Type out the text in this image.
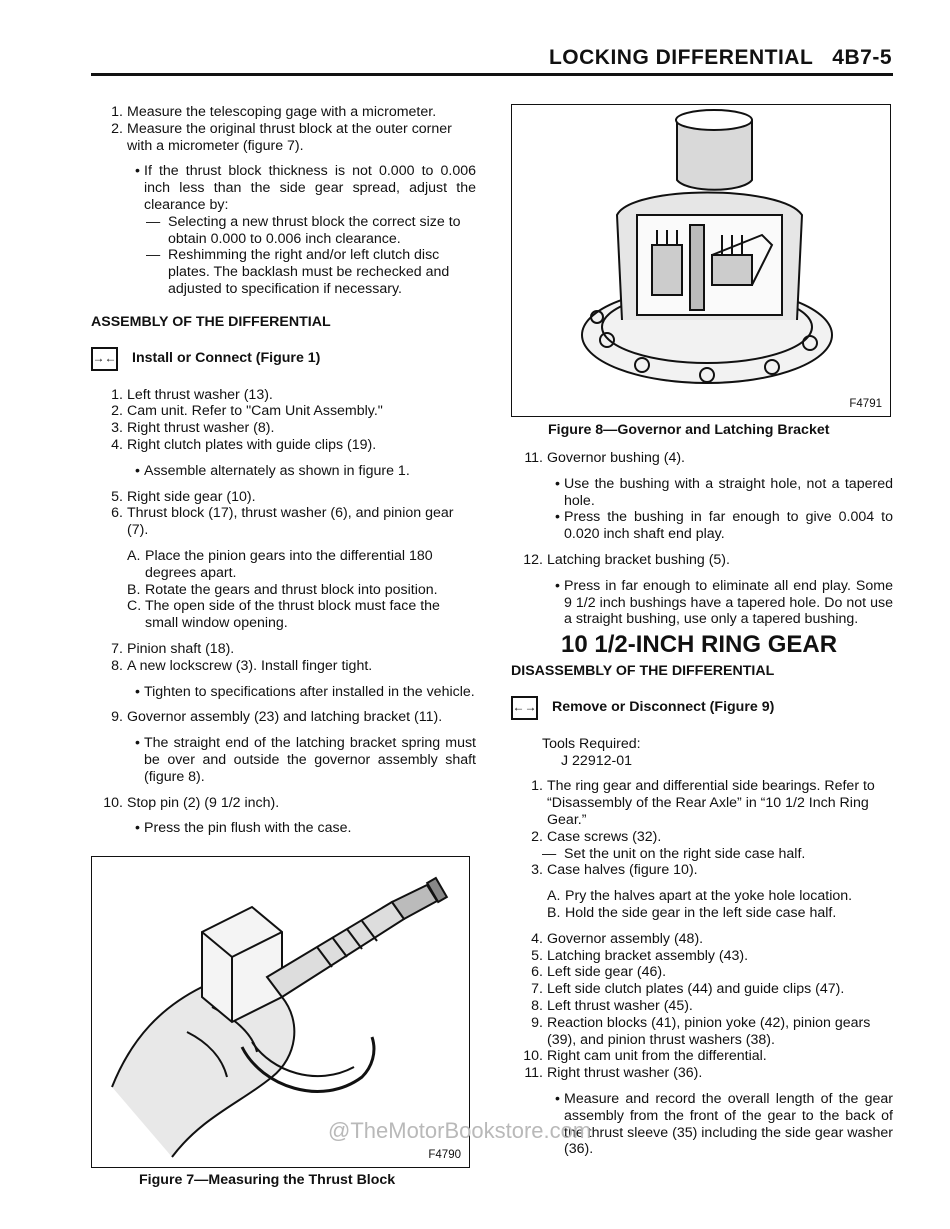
LOCKING DIFFERENTIAL 4B7-5
1. Measure the telescoping gage with a micrometer.
2. Measure the original thrust block at the outer corner with a micrometer (figure 7).
• If the thrust block thickness is not 0.000 to 0.006 inch less than the side gear spread, adjust the clearance by:
— Selecting a new thrust block the correct size to obtain 0.000 to 0.006 inch clearance.
— Reshimming the right and/or left clutch disc plates. The backlash must be rechecked and adjusted to specification if necessary.

ASSEMBLY OF THE DIFFERENTIAL

→← Install or Connect (Figure 1)
1. Left thrust washer (13).
2. Cam unit. Refer to "Cam Unit Assembly."
3. Right thrust washer (8).
4. Right clutch plates with guide clips (19).
• Assemble alternately as shown in figure 1.
5. Right side gear (10).
6. Thrust block (17), thrust washer (6), and pinion gear (7).
A. Place the pinion gears into the differential 180 degrees apart.
B. Rotate the gears and thrust block into position.
C. The open side of the thrust block must face the small window opening.
7. Pinion shaft (18).
8. A new lockscrew (3). Install finger tight.
• Tighten to specifications after installed in the vehicle.
9. Governor assembly (23) and latching bracket (11).
• The straight end of the latching bracket spring must be over and outside the governor assembly shaft (figure 8).
10. Stop pin (2) (9 1/2 inch).
• Press the pin flush with the case.
F4790
Figure 7—Measuring the Thrust Block
F4791
Figure 8—Governor and Latching Bracket
11. Governor bushing (4).
• Use the bushing with a straight hole, not a tapered hole.
• Press the bushing in far enough to give 0.004 to 0.020 inch shaft end play.
12. Latching bracket bushing (5).
• Press in far enough to eliminate all end play. Some 9 1/2 inch bushings have a tapered hole. Do not use a straight bushing, use only a tapered bushing.

10 1/2-INCH RING GEAR

DISASSEMBLY OF THE DIFFERENTIAL

←→ Remove or Disconnect (Figure 9)
Tools Required:
J 22912-01
1. The ring gear and differential side bearings. Refer to “Disassembly of the Rear Axle” in “10 1/2 Inch Ring Gear.”
2. Case screws (32).
— Set the unit on the right side case half.
3. Case halves (figure 10).
A. Pry the halves apart at the yoke hole location.
B. Hold the side gear in the left side case half.
4. Governor assembly (48).
5. Latching bracket assembly (43).
6. Left side gear (46).
7. Left side clutch plates (44) and guide clips (47).
8. Left thrust washer (45).
9. Reaction blocks (41), pinion yoke (42), pinion gears (39), and pinion thrust washers (38).
10. Right cam unit from the differential.
11. Right thrust washer (36).
• Measure and record the overall length of the gear assembly from the front of the gear to the back of the thrust sleeve (35) including the side gear washer (36).
@TheMotorBookstore.com
